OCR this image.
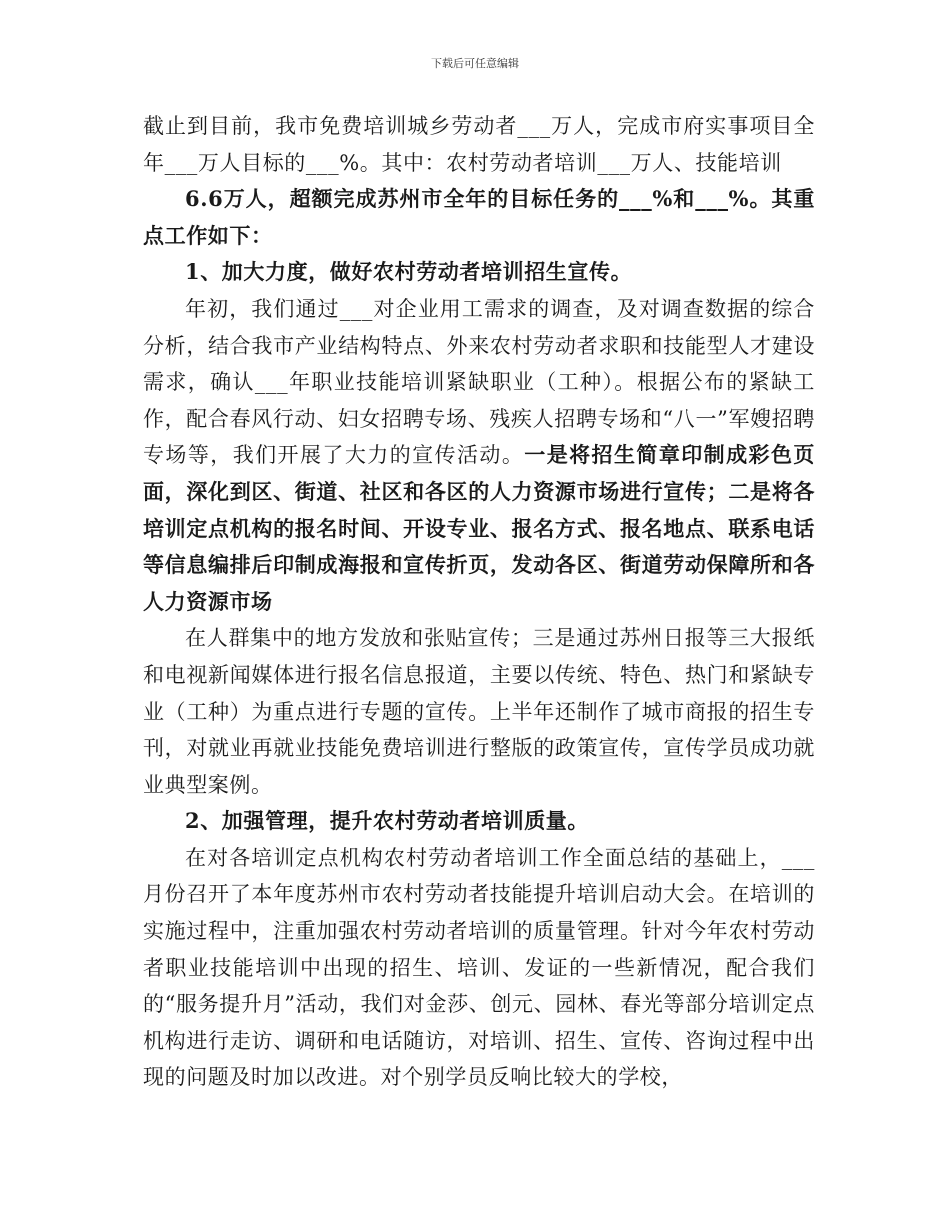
下载后可任意编辑

截止到目前，我市免费培训城乡劳动者___万人，完成市府实事项目全年___万人目标的___%。其中：农村劳动者培训___万人、技能培训

6.6万人，超额完成苏州市全年的目标任务的___%和___%。其重点工作如下：

1、加大力度，做好农村劳动者培训招生宣传。

年初，我们通过___对企业用工需求的调查，及对调查数据的综合分析，结合我市产业结构特点、外来农村劳动者求职和技能型人才建设需求，确认___年职业技能培训紧缺职业（工种）。根据公布的紧缺工作，配合春风行动、妇女招聘专场、残疾人招聘专场和“八一”军嫂招聘专场等，我们开展了大力的宣传活动。一是将招生简章印制成彩色页面，深化到区、街道、社区和各区的人力资源市场进行宣传；二是将各培训定点机构的报名时间、开设专业、报名方式、报名地点、联系电话等信息编排后印制成海报和宣传折页，发动各区、街道劳动保障所和各人力资源市场

在人群集中的地方发放和张贴宣传；三是通过苏州日报等三大报纸和电视新闻媒体进行报名信息报道，主要以传统、特色、热门和紧缺专业（工种）为重点进行专题的宣传。上半年还制作了城市商报的招生专刊，对就业再就业技能免费培训进行整版的政策宣传，宣传学员成功就业典型案例。

2、加强管理，提升农村劳动者培训质量。

在对各培训定点机构农村劳动者培训工作全面总结的基础上，___月份召开了本年度苏州市农村劳动者技能提升培训启动大会。在培训的实施过程中，注重加强农村劳动者培训的质量管理。针对今年农村劳动者职业技能培训中出现的招生、培训、发证的一些新情况，配合我们的“服务提升月”活动，我们对金莎、创元、园林、春光等部分培训定点机构进行走访、调研和电话随访，对培训、招生、宣传、咨询过程中出现的问题及时加以改进。对个别学员反响比较大的学校，
